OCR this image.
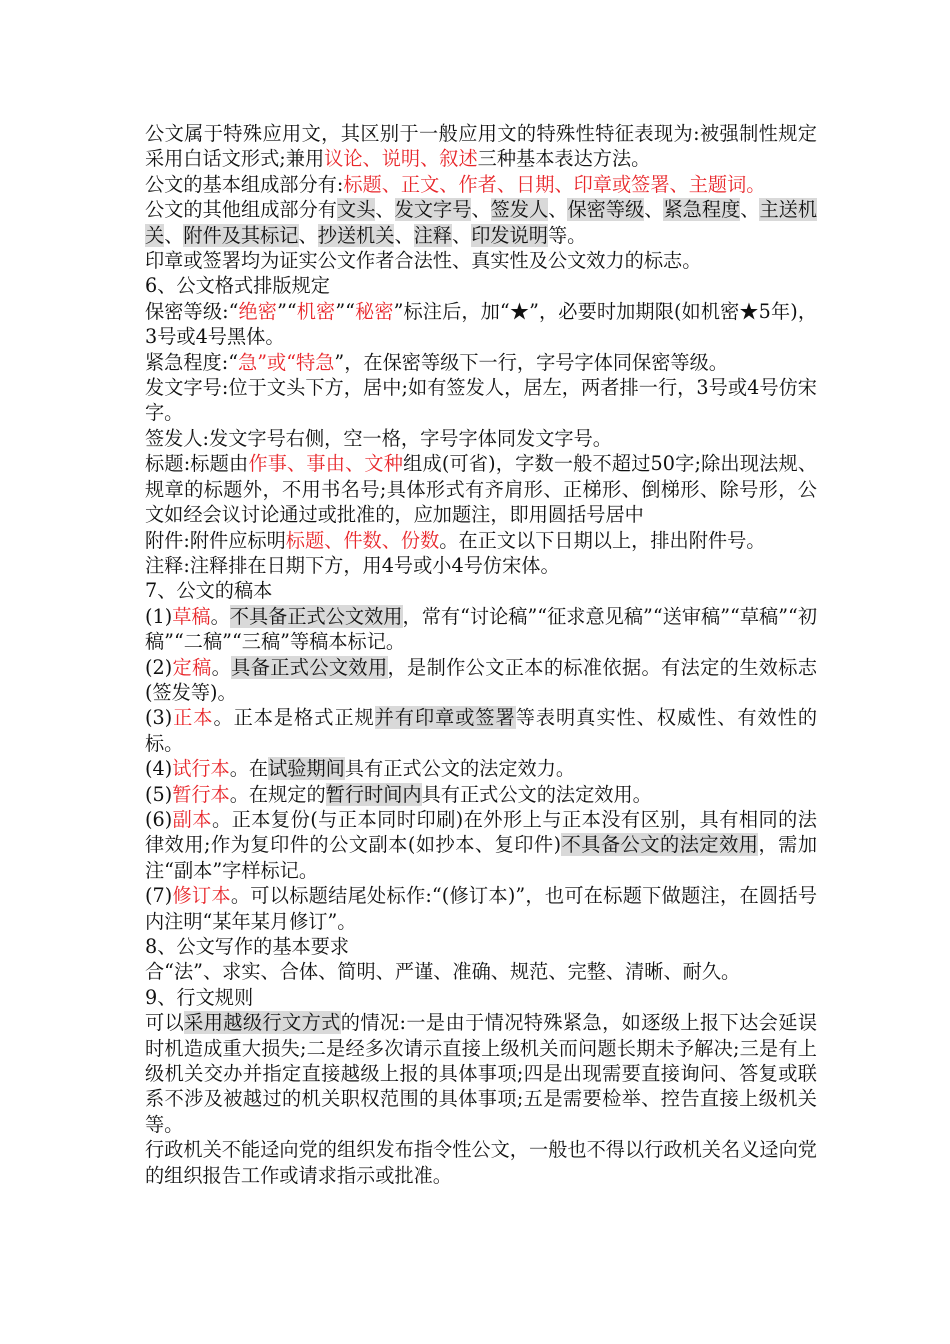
公文属于特殊应用文，其区别于一般应用文的特殊性特征表现为:被强制性规定采用白话文形式;兼用议论、说明、叙述三种基本表达方法。

公文的基本组成部分有:标题、正文、作者、日期、印章或签署、主题词。

公文的其他组成部分有文头、发文字号、签发人、保密等级、紧急程度、主送机关、附件及其标记、抄送机关、注释、印发说明等。

印章或签署均为证实公文作者合法性、真实性及公文效力的标志。

6、公文格式排版规定

保密等级:“绝密”“机密”“秘密”标注后，加“★”，必要时加期限(如机密★5年)，3号或4号黑体。

紧急程度:“急”或“特急”，在保密等级下一行，字号字体同保密等级。

发文字号:位于文头下方，居中;如有签发人，居左，两者排一行，3号或4号仿宋字。

签发人:发文字号右侧，空一格，字号字体同发文字号。

标题:标题由作事、事由、文种组成(可省)，字数一般不超过50字;除出现法规、规章的标题外，不用书名号;具体形式有齐肩形、正梯形、倒梯形、除号形，公文如经会议讨论通过或批准的，应加题注，即用圆括号居中

附件:附件应标明标题、件数、份数。在正文以下日期以上，排出附件号。

注释:注释排在日期下方，用4号或小4号仿宋体。

7、公文的稿本

(1)草稿。不具备正式公文效用，常有“讨论稿”“征求意见稿”“送审稿”“草稿”“初稿”“二稿”“三稿”等稿本标记。

(2)定稿。具备正式公文效用，是制作公文正本的标准依据。有法定的生效标志(签发等)。

(3)正本。正本是格式正规并有印章或签署等表明真实性、权威性、有效性的标。

(4)试行本。在试验期间具有正式公文的法定效力。

(5)暂行本。在规定的暂行时间内具有正式公文的法定效用。

(6)副本。正本复份(与正本同时印刷)在外形上与正本没有区别，具有相同的法律效用;作为复印件的公文副本(如抄本、复印件)不具备公文的法定效用，需加注“副本”字样标记。

(7)修订本。可以标题结尾处标作:“(修订本)”，也可在标题下做题注，在圆括号内注明“某年某月修订”。

8、公文写作的基本要求

合“法”、求实、合体、简明、严谨、准确、规范、完整、清晰、耐久。

9、行文规则

可以采用越级行文方式的情况:一是由于情况特殊紧急，如逐级上报下达会延误时机造成重大损失;二是经多次请示直接上级机关而问题长期未予解决;三是有上级机关交办并指定直接越级上报的具体事项;四是出现需要直接询问、答复或联系不涉及被越过的机关职权范围的具体事项;五是需要检举、控告直接上级机关等。

行政机关不能迳向党的组织发布指令性公文，一般也不得以行政机关名义迳向党的组织报告工作或请求指示或批准。
